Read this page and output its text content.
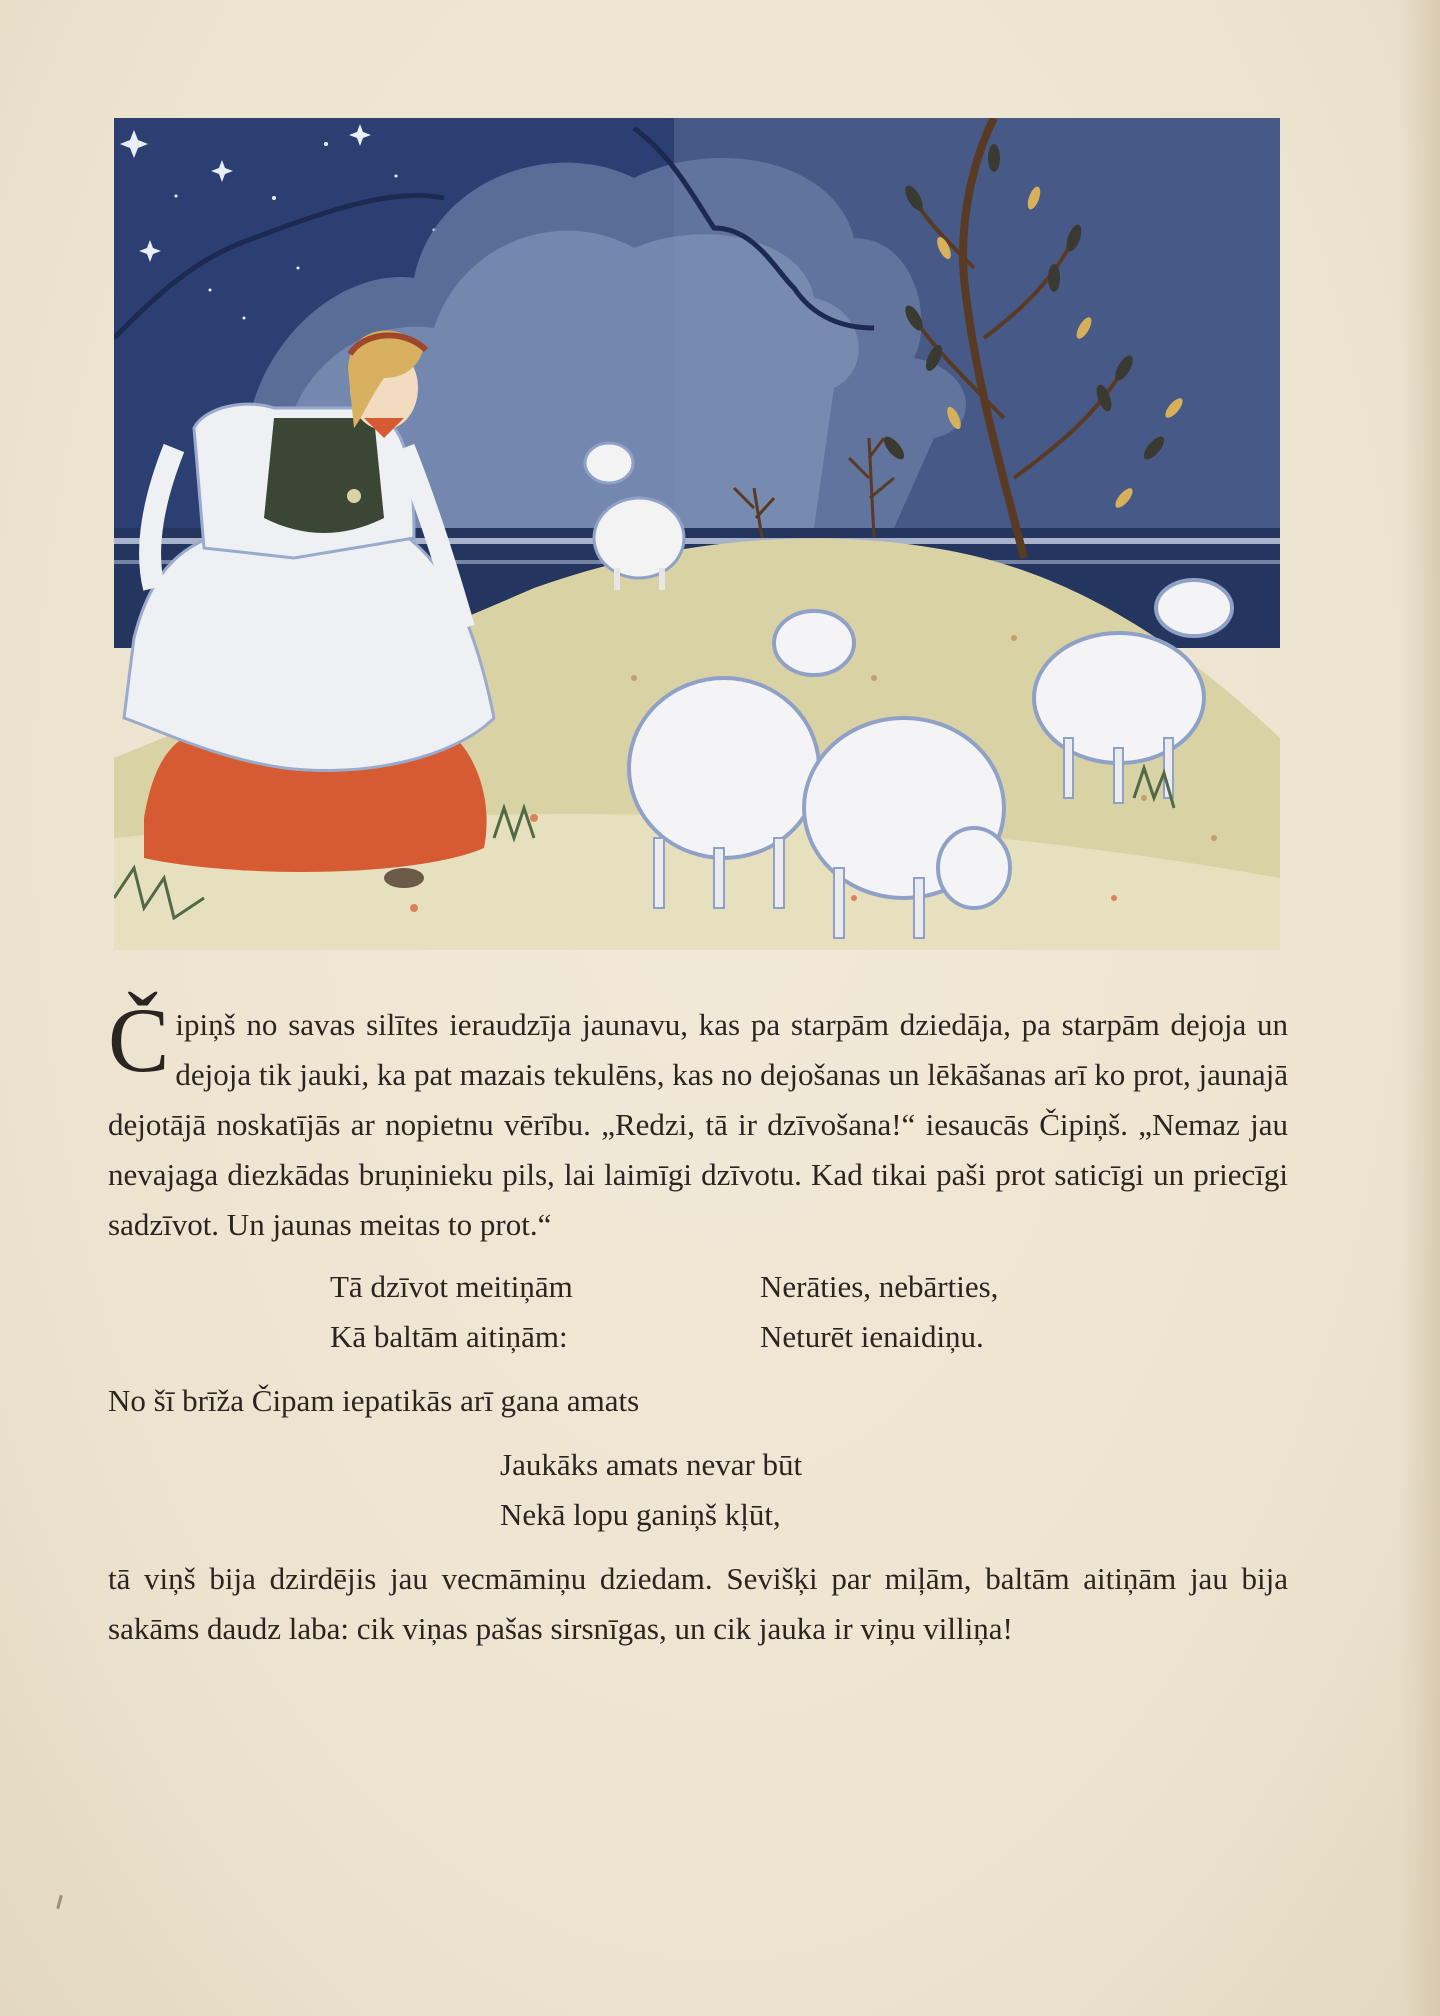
Čipiņš no savas silītes ieraudzīja jaunavu, kas pa starpām dziedāja, pa starpām dejoja un dejoja tik jauki, ka pat mazais tekulēns, kas no dejošanas un lēkāšanas arī ko prot, jaunajā dejotājā noskatījās ar nopietnu vērību. „Redzi, tā ir dzīvošana!“ iesaucās Čipiņš. „Nemaz jau nevajaga diezkādas bruņinieku pils, lai laimīgi dzīvotu. Kad tikai paši prot saticīgi un priecīgi sadzīvot. Un jaunas meitas to prot.“

Tā dzīvot meitiņām
Kā baltām aitiņām:
Nerāties, nebārties,
Neturēt ienaidiņu.

No šī brīža Čipam iepatikās arī gana amats

Jaukāks amats nevar būt
Nekā lopu ganiņš kļūt,

tā viņš bija dzirdējis jau vecmāmiņu dziedam. Sevišķi par miļām, baltām aitiņām jau bija sakāms daudz laba: cik viņas pašas sirsnīgas, un cik jauka ir viņu villiņa!
